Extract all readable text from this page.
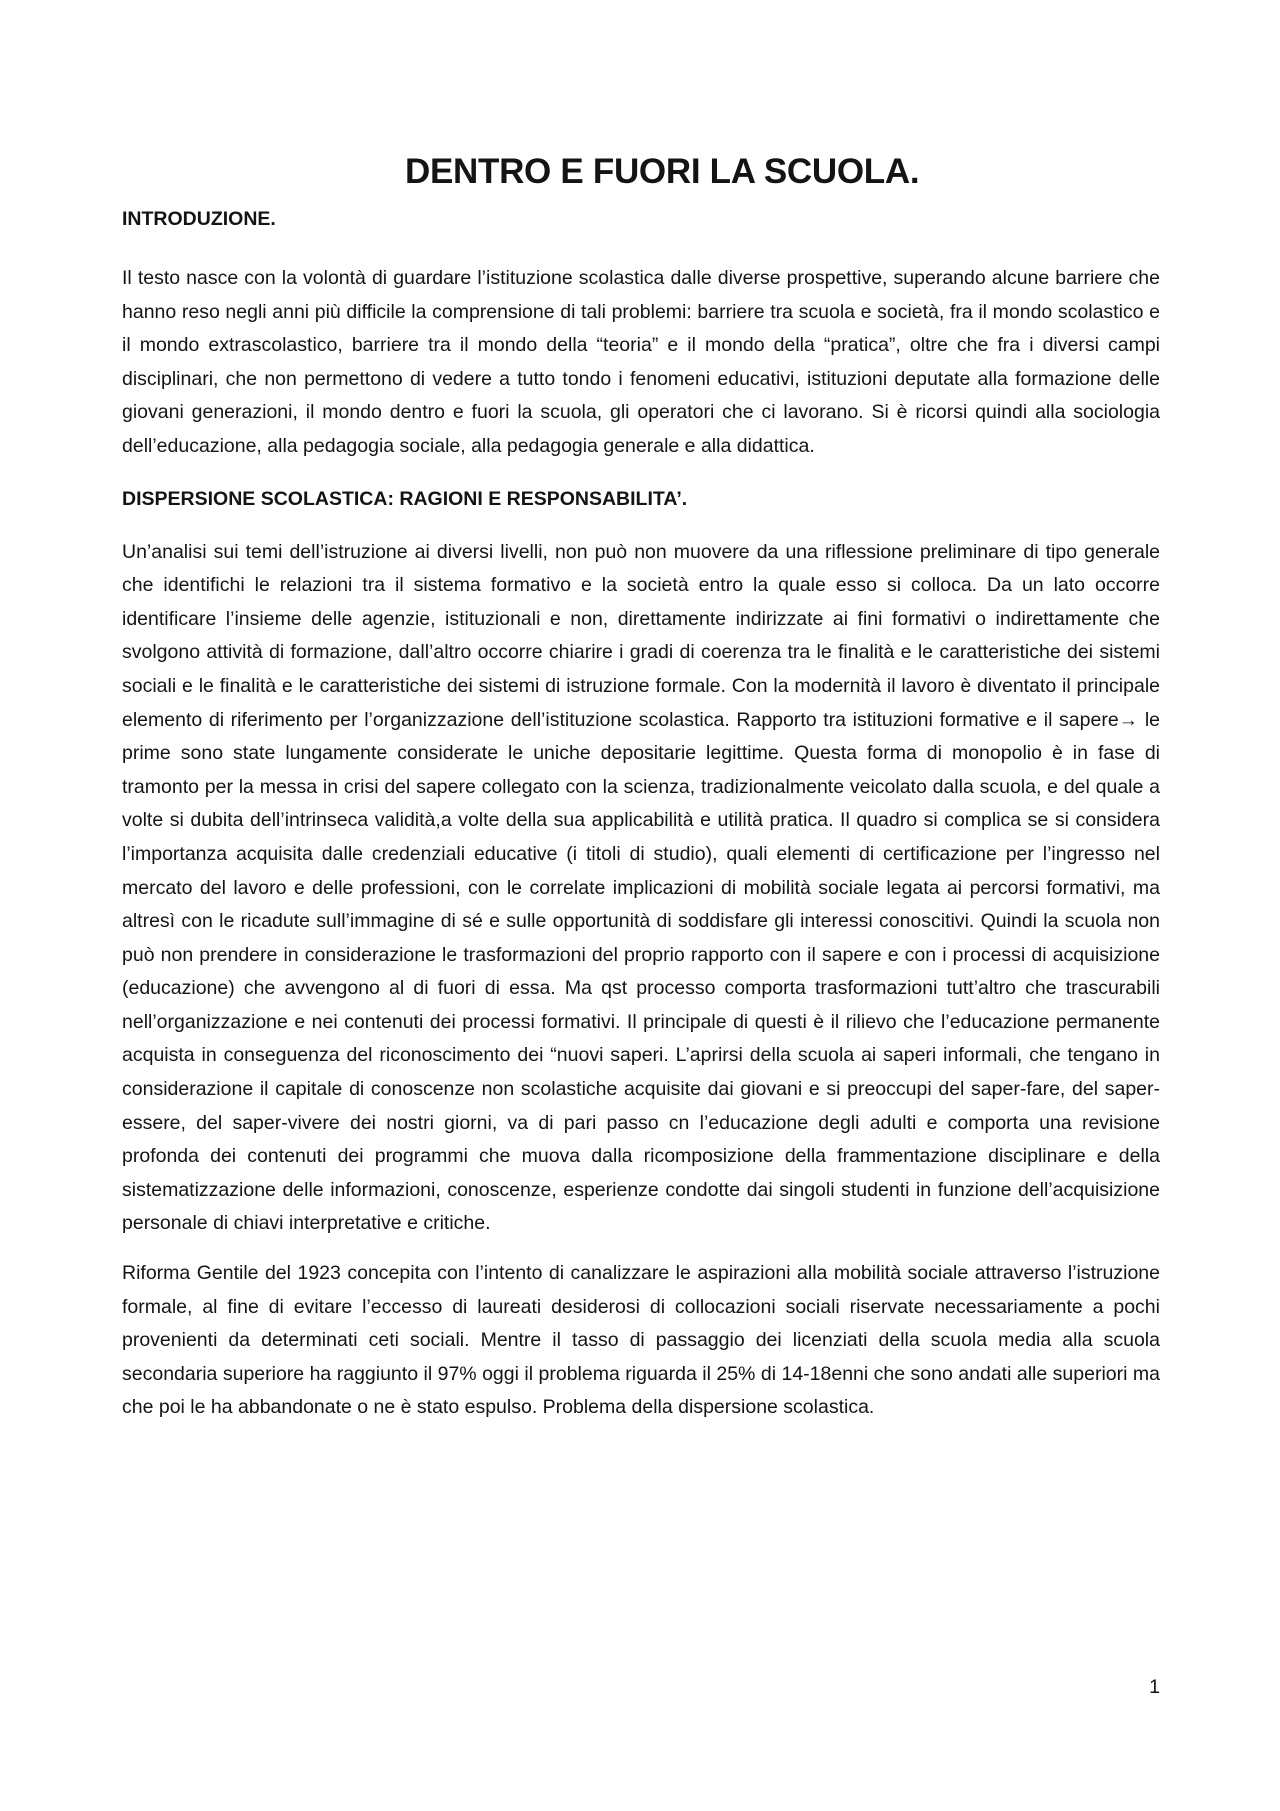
DENTRO E FUORI LA SCUOLA.
INTRODUZIONE.

Il testo nasce con la volontà di guardare l’istituzione scolastica dalle diverse prospettive, superando alcune barriere che hanno reso negli anni più difficile la comprensione di tali problemi: barriere tra scuola e società, fra il mondo scolastico e il mondo extrascolastico, barriere tra il mondo della “teoria” e il mondo della “pratica”, oltre che fra i diversi campi disciplinari, che non permettono di vedere a tutto tondo i fenomeni educativi, istituzioni deputate alla formazione delle giovani generazioni, il mondo dentro e fuori la scuola, gli operatori che ci lavorano. Si è ricorsi quindi alla sociologia dell’educazione, alla pedagogia sociale, alla pedagogia generale e alla didattica.

DISPERSIONE SCOLASTICA: RAGIONI E RESPONSABILITA’.

Un’analisi sui temi dell’istruzione ai diversi livelli, non può non muovere da una riflessione preliminare di tipo generale che identifichi le relazioni tra il sistema formativo e la società entro la quale esso si colloca. Da un lato occorre identificare l’insieme delle agenzie, istituzionali e non, direttamente indirizzate ai fini formativi o indirettamente che svolgono attività di formazione, dall’altro occorre chiarire i gradi di coerenza tra le finalità e le caratteristiche dei sistemi sociali e le finalità e le caratteristiche dei sistemi di istruzione formale. Con la modernità il lavoro è diventato il principale elemento di riferimento per l’organizzazione dell’istituzione scolastica. Rapporto tra istituzioni formative e il sapere→ le prime sono state lungamente considerate le uniche depositarie legittime. Questa forma di monopolio è in fase di tramonto per la messa in crisi del sapere collegato con la scienza, tradizionalmente veicolato dalla scuola, e del quale a volte si dubita dell’intrinseca validità,a volte della sua applicabilità e utilità pratica. Il quadro si complica se si considera l’importanza acquisita dalle credenziali educative (i titoli di studio), quali elementi di certificazione per l’ingresso nel mercato del lavoro e delle professioni, con le correlate implicazioni di mobilità sociale legata ai percorsi formativi, ma altresì con le ricadute sull’immagine di sé e sulle opportunità di soddisfare gli interessi conoscitivi. Quindi la scuola non può non prendere in considerazione le trasformazioni del proprio rapporto con il sapere e con i processi di acquisizione (educazione) che avvengono al di fuori di essa. Ma qst processo comporta trasformazioni tutt’altro che trascurabili nell’organizzazione e nei contenuti dei processi formativi. Il principale di questi è il rilievo che l’educazione permanente acquista in conseguenza del riconoscimento dei “nuovi saperi. L’aprirsi della scuola ai saperi informali, che tengano in considerazione il capitale di conoscenze non scolastiche acquisite dai giovani e si preoccupi del saper-fare, del saper-essere, del saper-vivere dei nostri giorni, va di pari passo cn l’educazione degli adulti e comporta una revisione profonda dei contenuti dei programmi che muova dalla ricomposizione della frammentazione disciplinare e della sistematizzazione delle informazioni, conoscenze, esperienze condotte dai singoli studenti in funzione dell’acquisizione personale di chiavi interpretative e critiche.

Riforma Gentile del 1923 concepita con l’intento di canalizzare le aspirazioni alla mobilità sociale attraverso l’istruzione formale, al fine di evitare l’eccesso di laureati desiderosi di collocazioni sociali riservate necessariamente a pochi provenienti da determinati ceti sociali. Mentre il tasso di passaggio dei licenziati della scuola media alla scuola secondaria superiore ha raggiunto il 97% oggi il problema riguarda il 25% di 14-18enni che sono andati alle superiori ma che poi le ha abbandonate o ne è stato espulso. Problema della dispersione scolastica.

1
